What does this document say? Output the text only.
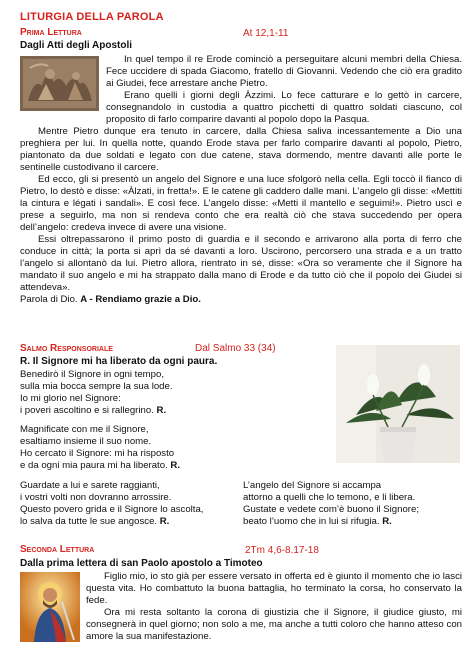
LITURGIA DELLA PAROLA
Prima Lettura	At 12,1-11
Dagli Atti degli Apostoli

In quel tempo il re Erode cominciò a perseguitare alcuni membri della Chiesa. Fece uccidere di spada Giacomo, fratello di Giovanni. Vedendo che ciò era gradito ai Giudei, fece arrestare anche Pietro.

Erano quelli i giorni degli Àzzimi. Lo fece catturare e lo gettò in carcere, consegnandolo in custodia a quattro picchetti di quattro soldati ciascuno, col proposito di farlo comparire davanti al popolo dopo la Pasqua.

Mentre Pietro dunque era tenuto in carcere, dalla Chiesa saliva incessantemente a Dio una preghiera per lui. In quella notte, quando Erode stava per farlo comparire davanti al popolo, Pietro, piantonato da due soldati e legato con due catene, stava dormendo, mentre davanti alle porte le sentinelle custodivano il carcere.

Ed ecco, gli si presentò un angelo del Signore e una luce sfolgorò nella cella. Egli toccò il fianco di Pietro, lo destò e disse: «Àlzati, in fretta!». E le catene gli caddero dalle mani. L’angelo gli disse: «Mettiti la cintura e légati i sandali». E così fece. L’angelo disse: «Metti il mantello e seguimi!». Pietro uscì e prese a seguirlo, ma non si rendeva conto che era realtà ciò che stava succedendo per opera dell’angelo: credeva invece di avere una visione.

Essi oltrepassarono il primo posto di guardia e il secondo e arrivarono alla porta di ferro che conduce in città; la porta si aprì da sé davanti a loro. Uscirono, percorsero una strada e a un tratto l’angelo si allontanò da lui. Pietro allora, rientrato in sé, disse: «Ora so veramente che il Signore ha mandato il suo angelo e mi ha strappato dalla mano di Erode e da tutto ciò che il popolo dei Giudei si attendeva».

Parola di Dio. A - Rendiamo grazie a Dio.

Salmo Responsoriale	Dal Salmo 33 (34)
R. Il Signore mi ha liberato da ogni paura.
Benedirò il Signore in ogni tempo,
sulla mia bocca sempre la sua lode.
Io mi glorio nel Signore:
i poveri ascoltino e si rallegrino. R.
Magnificate con me il Signore,
esaltiamo insieme il suo nome.
Ho cercato il Signore: mi ha risposto
e da ogni mia paura mi ha liberato. R.
Guardate a lui e sarete raggianti,
i vostri volti non dovranno arrossire.
Questo povero grida e il Signore lo ascolta,
lo salva da tutte le sue angosce. R.
L’angelo del Signore si accampa
attorno a quelli che lo temono, e li libera.
Gustate e vedete com’è buono il Signore;
beato l’uomo che in lui si rifugia. R.
Seconda Lettura	2Tm 4,6-8.17-18
Dalla prima lettera di san Paolo apostolo a Timoteo

Figlio mio, io sto già per essere versato in offerta ed è giunto il momento che io lasci questa vita. Ho combattuto la buona battaglia, ho terminato la corsa, ho conservato la fede.

Ora mi resta soltanto la corona di giustizia che il Signore, il giudice giusto, mi consegnerà in quel giorno; non solo a me, ma anche a tutti coloro che hanno atteso con amore la sua manifestazione.
